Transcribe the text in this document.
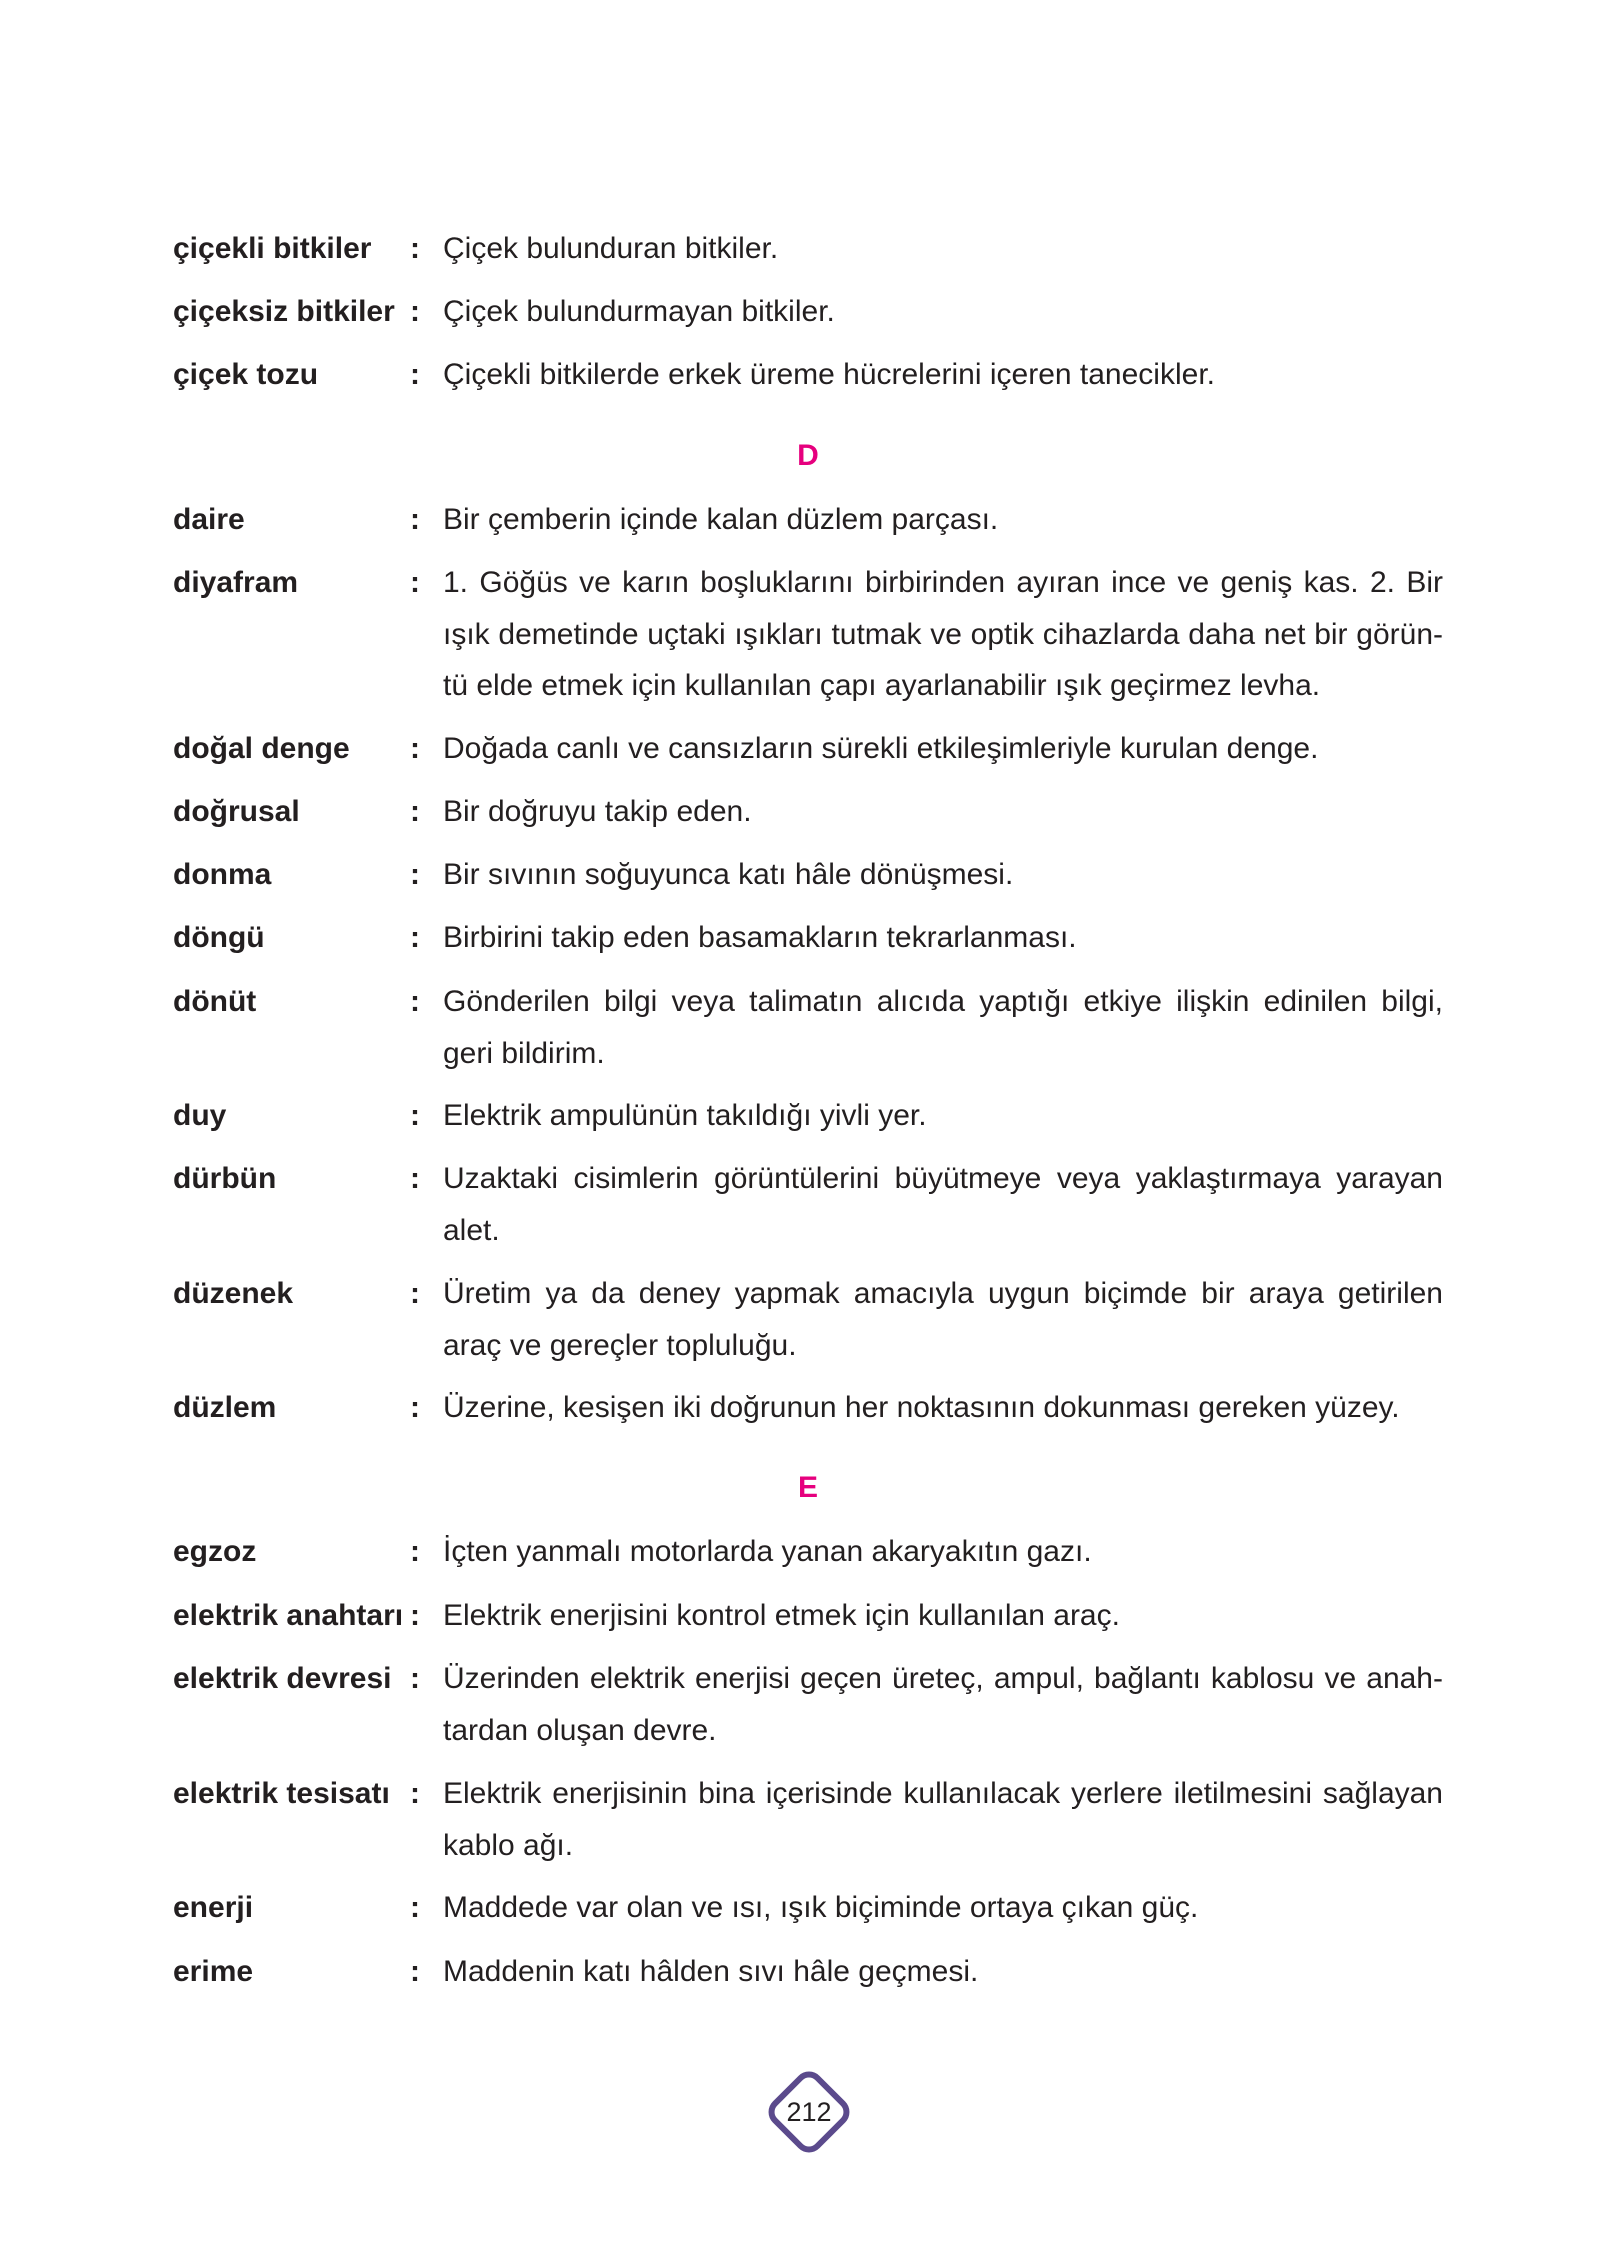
çiçekli bitkiler : Çiçek bulunduran bitkiler.
çiçeksiz bitkiler : Çiçek bulundurmayan bitkiler.
çiçek tozu	: Çiçekli bitkilerde erkek üreme hücrelerini içeren tanecikler.
D
daire	: Bir çemberin içinde kalan düzlem parçası.
diyafram	: 1. Göğüs ve karın boşluklarını birbirinden ayıran ince ve geniş kas. 2. Bir
ışık demetinde uçtaki ışıkları tutmak ve optik cihazlarda daha net bir görün-
tü elde etmek için kullanılan çapı ayarlanabilir ışık geçirmez levha.
doğal denge : Doğada canlı ve cansızların sürekli etkileşimleriyle kurulan denge.
doğrusal	: Bir doğruyu takip eden.
donma	: Bir sıvının soğuyunca katı hâle dönüşmesi.
döngü	: Birbirini takip eden basamakların tekrarlanması.
dönüt	: Gönderilen bilgi veya talimatın alıcıda yaptığı etkiye ilişkin edinilen bilgi,
geri bildirim.
duy	: Elektrik ampulünün takıldığı yivli yer.
dürbün	: Uzaktaki cisimlerin görüntülerini büyütmeye veya yaklaştırmaya yarayan
alet.
düzenek	: Üretim ya da deney yapmak amacıyla uygun biçimde bir araya getirilen
araç ve gereçler topluluğu.
düzlem	: Üzerine, kesişen iki doğrunun her noktasının dokunması gereken yüzey.
E
egzoz	: İçten yanmalı motorlarda yanan akaryakıtın gazı.
elektrik anahtarı : Elektrik enerjisini kontrol etmek için kullanılan araç.
elektrik devresi : Üzerinden elektrik enerjisi geçen üreteç, ampul, bağlantı kablosu ve anah-
tardan oluşan devre.
elektrik tesisatı : Elektrik enerjisinin bina içerisinde kullanılacak yerlere iletilmesini sağlayan
kablo ağı.
enerji	: Maddede var olan ve ısı, ışık biçiminde ortaya çıkan güç.
erime	: Maddenin katı hâlden sıvı hâle geçmesi.
212
